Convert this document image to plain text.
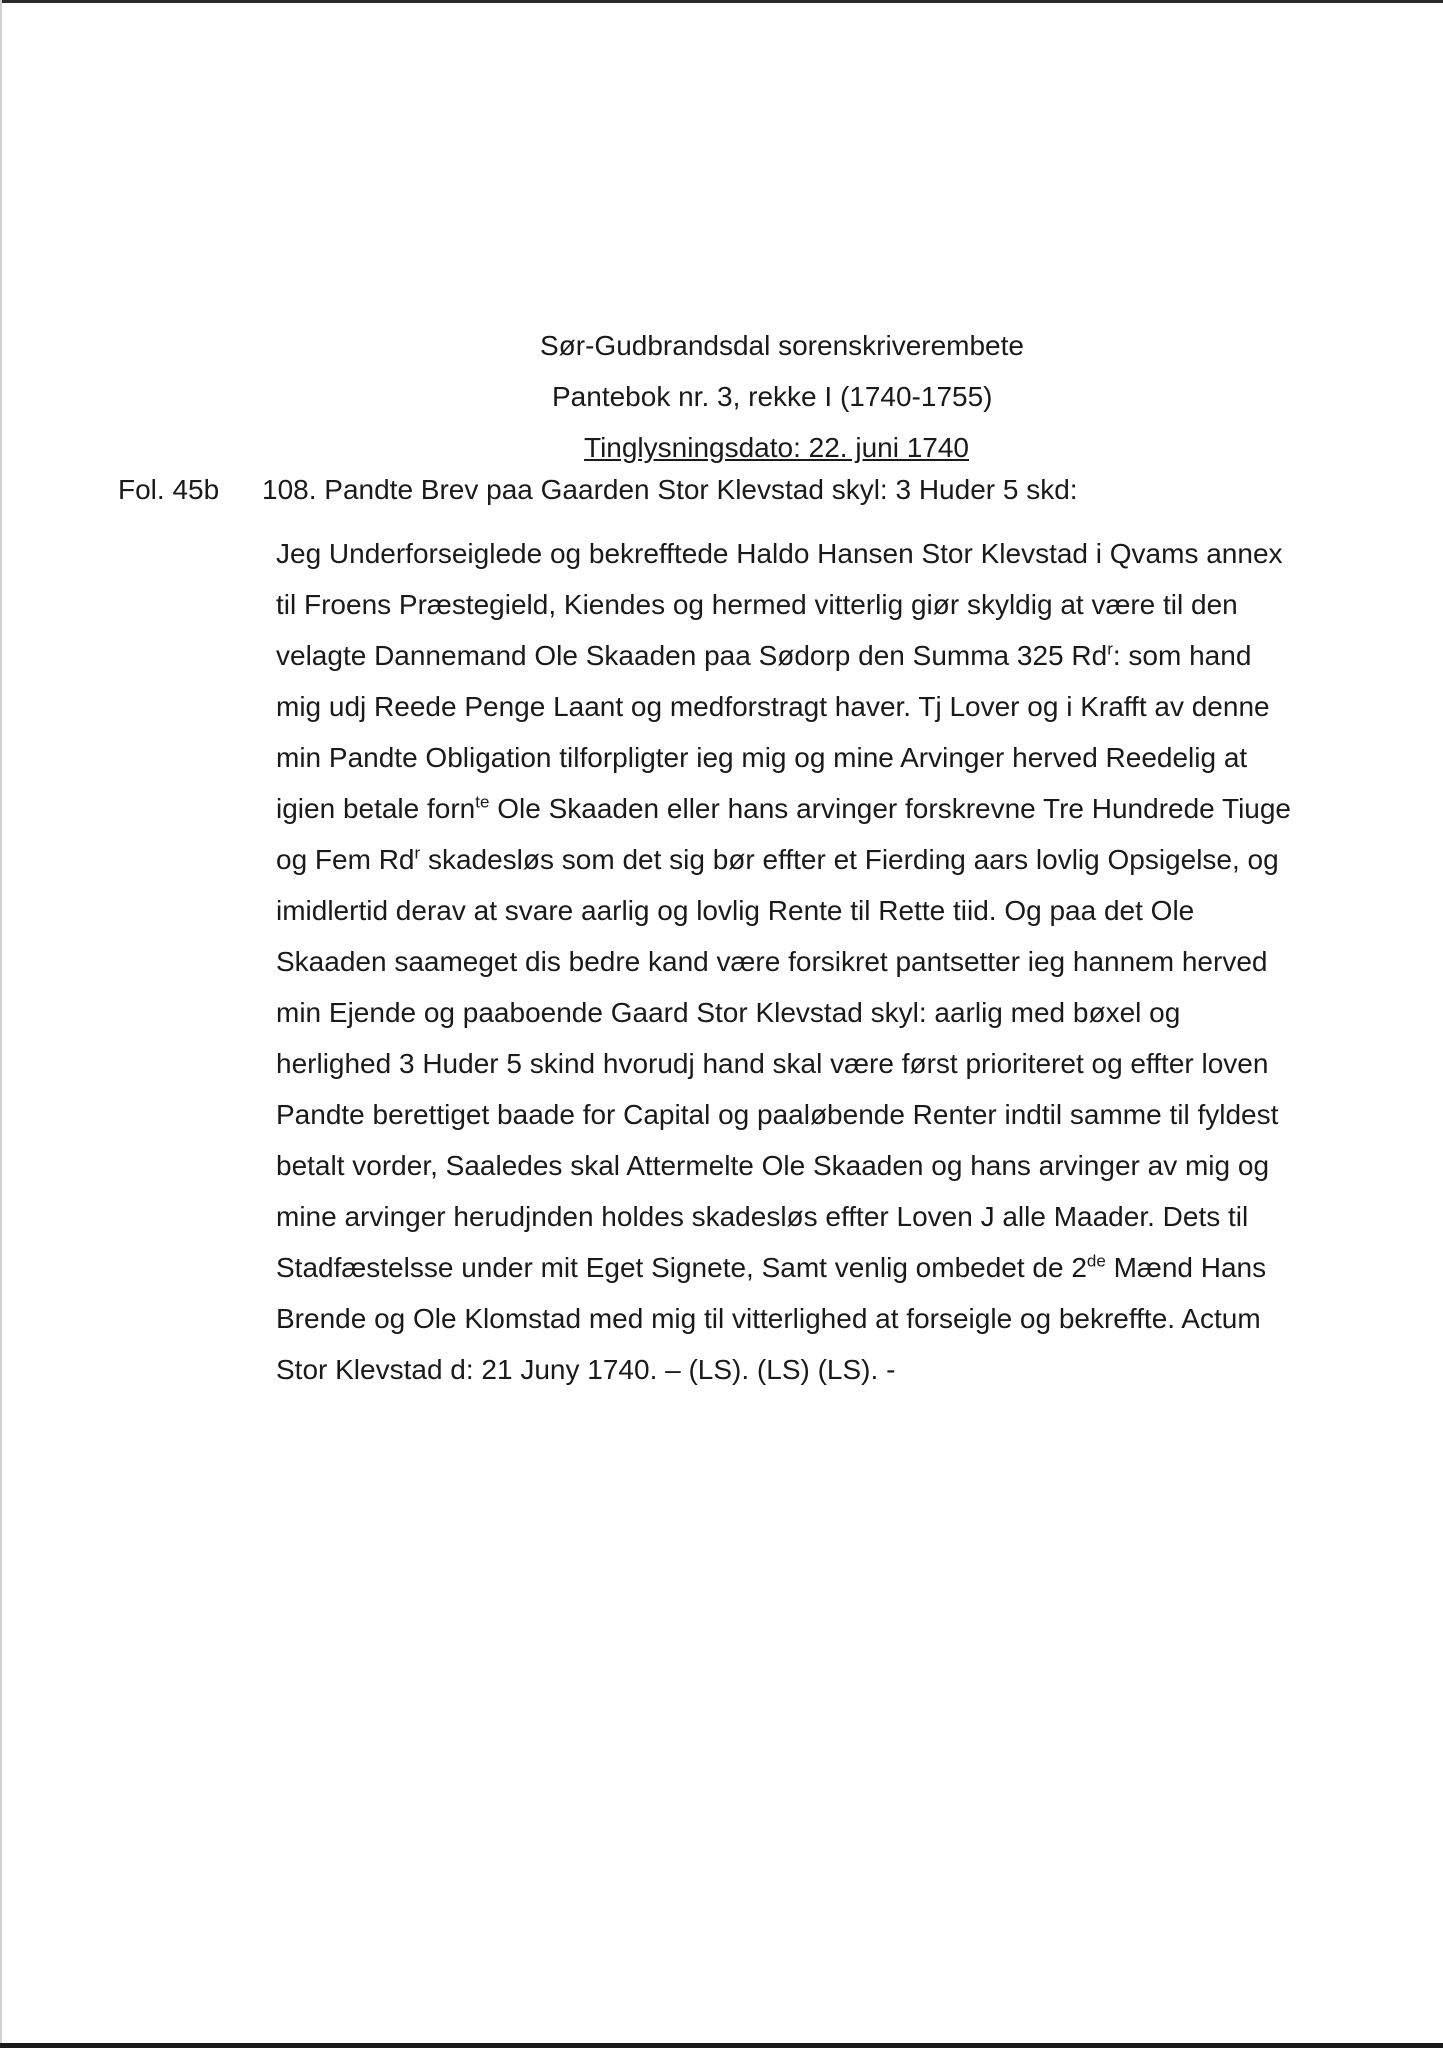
Sør-Gudbrandsdal sorenskriverembete
Pantebok nr. 3, rekke I (1740-1755)
Tinglysningsdato: 22. juni 1740
Fol. 45b 108. Pandte Brev paa Gaarden Stor Klevstad skyl: 3 Huder 5 skd:
Jeg Underforseiglede og bekrefftede Haldo Hansen Stor Klevstad i Qvams annex
til Froens Præstegield, Kiendes og hermed vitterlig giør skyldig at være til den
velagte Dannemand Ole Skaaden paa Sødorp den Summa 325 Rd$^r$: som hand
mig udj Reede Penge Laant og medforstragt haver. Tj Lover og i Krafft av denne
min Pandte Obligation tilforpligter ieg mig og mine Arvinger herved Reedelig at
igien betale forn$^{te}$ Ole Skaaden eller hans arvinger forskrevne Tre Hundrede Tiuge
og Fem Rd$^r$ skadesløs som det sig bør effter et Fierding aars lovlig Opsigelse, og
imidlertid derav at svare aarlig og lovlig Rente til Rette tiid. Og paa det Ole
Skaaden saameget dis bedre kand være forsikret pantsetter ieg hannem herved
min Ejende og paaboende Gaard Stor Klevstad skyl: aarlig med bøxel og
herlighed 3 Huder 5 skind hvorudj hand skal være først prioriteret og effter loven
Pandte berettiget baade for Capital og paaløbende Renter indtil samme til fyldest
betalt vorder, Saaledes skal Attermelte Ole Skaaden og hans arvinger av mig og
mine arvinger herudjnden holdes skadesløs effter Loven J alle Maader. Dets til
Stadfæstelsse under mit Eget Signete, Samt venlig ombedet de 2de Mænd Hans
Brende og Ole Klomstad med mig til vitterlighed at forseigle og bekreffte. Actum
Stor Klevstad d: 21 Juny 1740. – (LS). (LS) (LS). -
